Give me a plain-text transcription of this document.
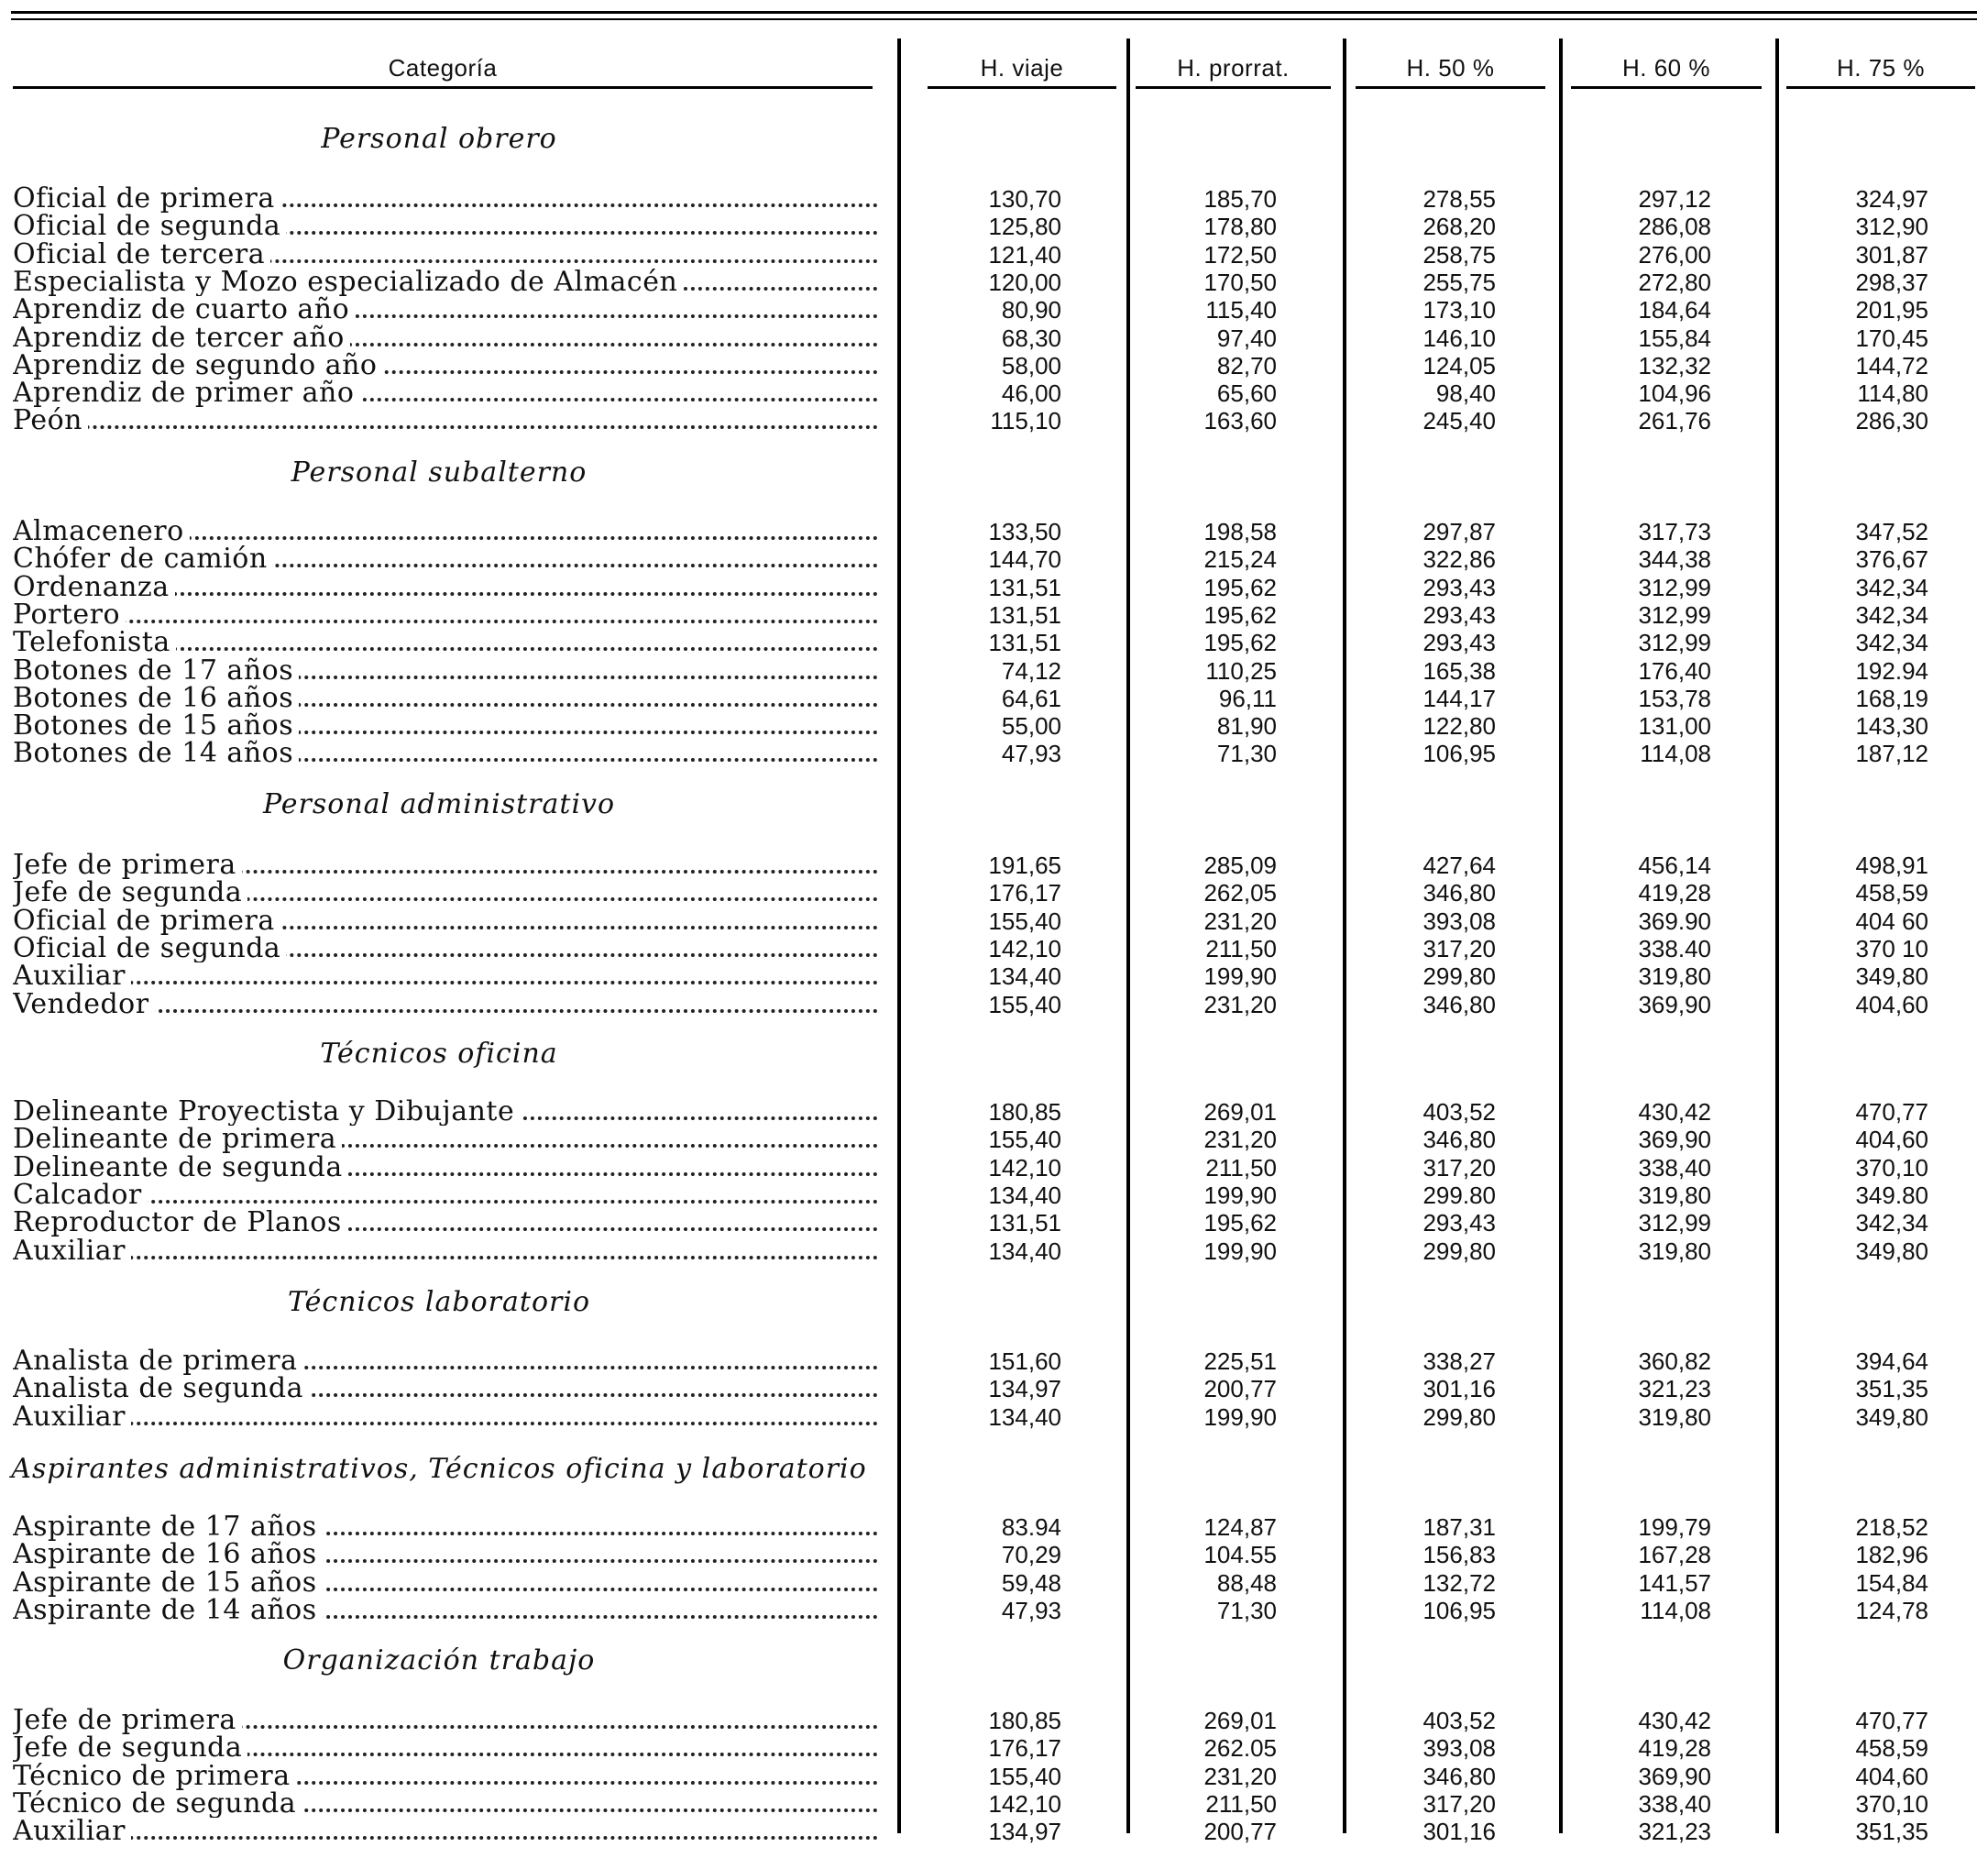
Categoría	H. viaje	H. prorrat.	H. 50 %	H. 60 %	H. 75 %
Personal obrero
Oficial de primera	130,70	185,70	278,55	297,12	324,97
Oficial de segunda	125,80	178,80	268,20	286,08	312,90
Oficial de tercera	121,40	172,50	258,75	276,00	301,87
Especialista y Mozo especializado de Almacén	120,00	170,50	255,75	272,80	298,37
Aprendiz de cuarto año	80,90	115,40	173,10	184,64	201,95
Aprendiz de tercer año	68,30	97,40	146,10	155,84	170,45
Aprendiz de segundo año	58,00	82,70	124,05	132,32	144,72
Aprendiz de primer año	46,00	65,60	98,40	104,96	114,80
Peón	115,10	163,60	245,40	261,76	286,30
Personal subalterno
Almacenero	133,50	198,58	297,87	317,73	347,52
Chófer de camión	144,70	215,24	322,86	344,38	376,67
Ordenanza	131,51	195,62	293,43	312,99	342,34
Portero	131,51	195,62	293,43	312,99	342,34
Telefonista	131,51	195,62	293,43	312,99	342,34
Botones de 17 años	74,12	110,25	165,38	176,40	192.94
Botones de 16 años	64,61	96,11	144,17	153,78	168,19
Botones de 15 años	55,00	81,90	122,80	131,00	143,30
Botones de 14 años	47,93	71,30	106,95	114,08	187,12
Personal administrativo
Jefe de primera	191,65	285,09	427,64	456,14	498,91
Jefe de segunda	176,17	262,05	346,80	419,28	458,59
Oficial de primera	155,40	231,20	393,08	369.90	404 60
Oficial de segunda	142,10	211,50	317,20	338.40	370 10
Auxiliar	134,40	199,90	299,80	319,80	349,80
Vendedor	155,40	231,20	346,80	369,90	404,60
Técnicos oficina
Delineante Proyectista y Dibujante	180,85	269,01	403,52	430,42	470,77
Delineante de primera	155,40	231,20	346,80	369,90	404,60
Delineante de segunda	142,10	211,50	317,20	338,40	370,10
Calcador	134,40	199,90	299.80	319,80	349.80
Reproductor de Planos	131,51	195,62	293,43	312,99	342,34
Auxiliar	134,40	199,90	299,80	319,80	349,80
Técnicos laboratorio
Analista de primera	151,60	225,51	338,27	360,82	394,64
Analista de segunda	134,97	200,77	301,16	321,23	351,35
Auxiliar	134,40	199,90	299,80	319,80	349,80
Aspirantes administrativos, Técnicos oficina y laboratorio
Aspirante de 17 años	83.94	124,87	187,31	199,79	218,52
Aspirante de 16 años	70,29	104.55	156,83	167,28	182,96
Aspirante de 15 años	59,48	88,48	132,72	141,57	154,84
Aspirante de 14 años	47,93	71,30	106,95	114,08	124,78
Organización trabajo
Jefe de primera	180,85	269,01	403,52	430,42	470,77
Jefe de segunda	176,17	262.05	393,08	419,28	458,59
Técnico de primera	155,40	231,20	346,80	369,90	404,60
Técnico de segunda	142,10	211,50	317,20	338,40	370,10
Auxiliar	134,97	200,77	301,16	321,23	351,35
